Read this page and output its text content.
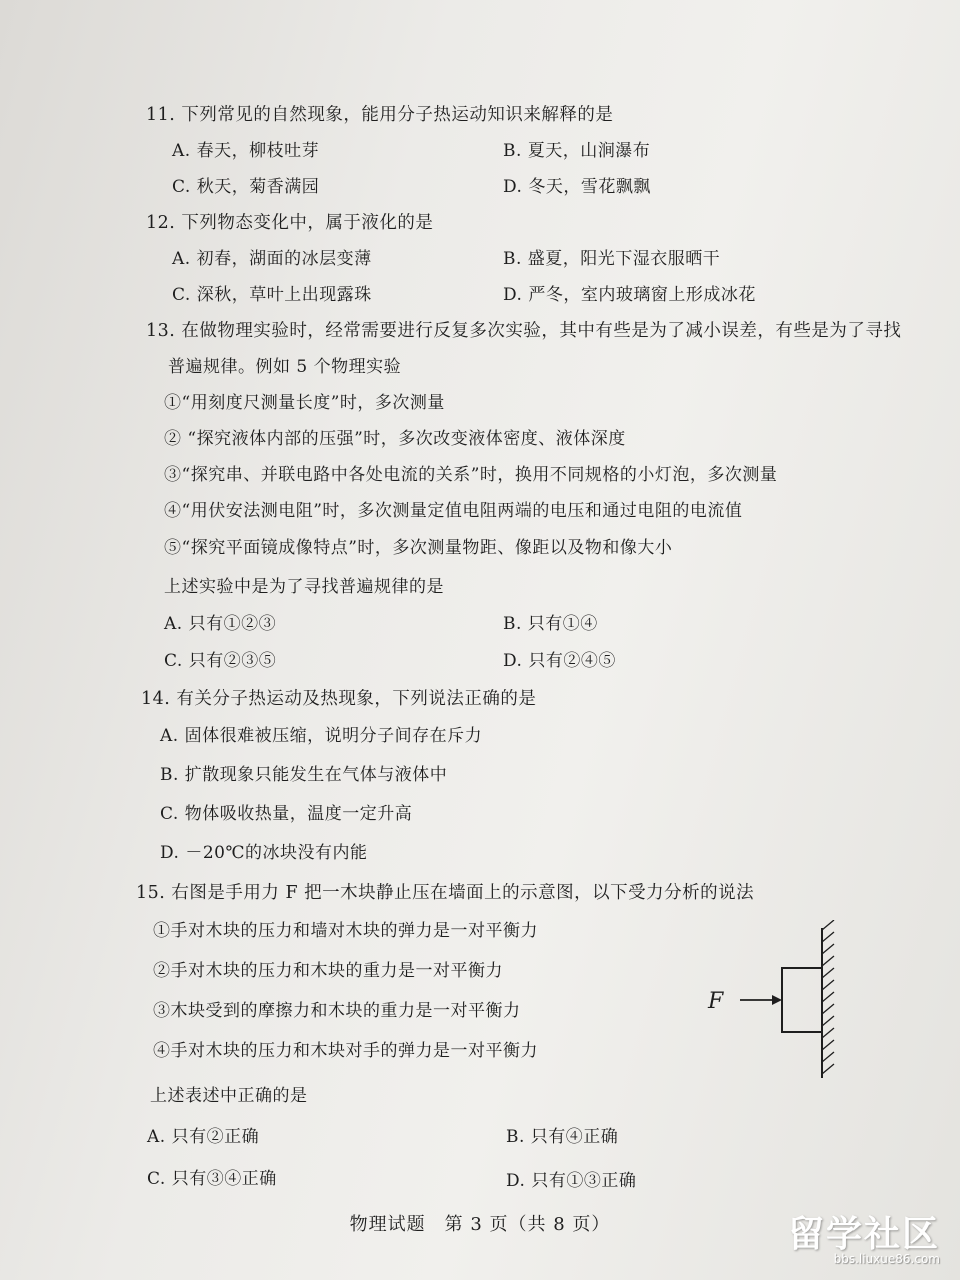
11. 下列常见的自然现象，能用分子热运动知识来解释的是
A. 春天，柳枝吐芽	B. 夏天，山涧瀑布
C. 秋天，菊香满园	D. 冬天，雪花飘飘
12. 下列物态变化中，属于液化的是
A. 初春，湖面的冰层变薄	B. 盛夏，阳光下湿衣服晒干
C. 深秋，草叶上出现露珠	D. 严冬，室内玻璃窗上形成冰花
13. 在做物理实验时，经常需要进行反复多次实验，其中有些是为了减小误差，有些是为了寻找
普遍规律。例如 5 个物理实验
①“用刻度尺测量长度”时，多次测量
② “探究液体内部的压强”时，多次改变液体密度、液体深度
③“探究串、并联电路中各处电流的关系”时，换用不同规格的小灯泡，多次测量
④“用伏安法测电阻”时，多次测量定值电阻两端的电压和通过电阻的电流值
⑤“探究平面镜成像特点”时，多次测量物距、像距以及物和像大小
上述实验中是为了寻找普遍规律的是
A. 只有①②③	B. 只有①④
C. 只有②③⑤	D. 只有②④⑤
14. 有关分子热运动及热现象，下列说法正确的是
A. 固体很难被压缩，说明分子间存在斥力
B. 扩散现象只能发生在气体与液体中
C. 物体吸收热量，温度一定升高
D. －20℃的冰块没有内能
15. 右图是手用力 F 把一木块静止压在墙面上的示意图，以下受力分析的说法
①手对木块的压力和墙对木块的弹力是一对平衡力
②手对木块的压力和木块的重力是一对平衡力
③木块受到的摩擦力和木块的重力是一对平衡力
④手对木块的压力和木块对手的弹力是一对平衡力
上述表述中正确的是
A. 只有②正确	B. 只有④正确
C. 只有③④正确	D. 只有①③正确
F
物理试题　第 3 页（共 8 页）	留学社区
bbs.liuxue86.com
